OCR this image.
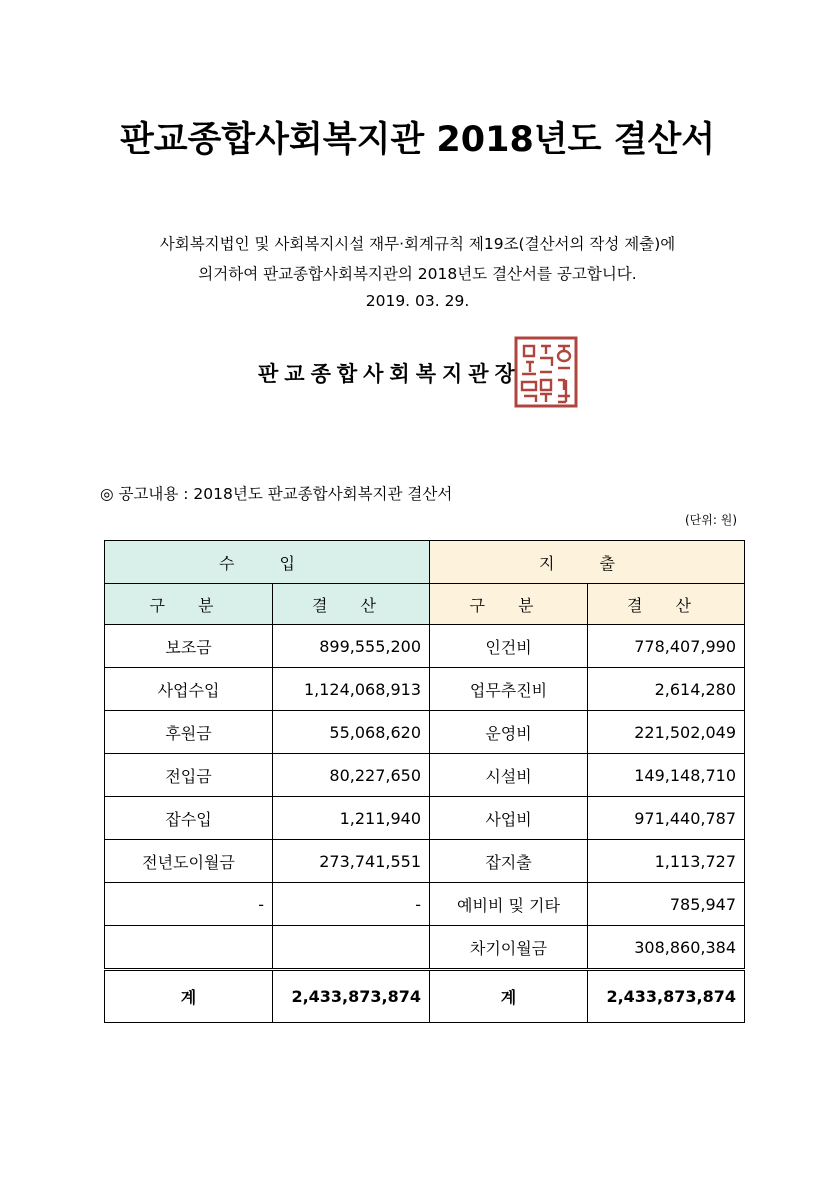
판교종합사회복지관 2018년도 결산서
사회복지법인 및 사회복지시설 재무·회계규칙 제19조(결산서의 작성 제출)에
의거하여 판교종합사회복지관의 2018년도 결산서를 공고합니다.
2019. 03. 29.
판교종합사회복지관장
◎ 공고내용 : 2018년도 판교종합사회복지관 결산서
(단위: 원)
수 입		지 출	
구 분	결 산	구 분	결 산
보조금	899,555,200	인건비	778,407,990
사업수입	1,124,068,913	업무추진비	2,614,280
후원금	55,068,620	운영비	221,502,049
전입금	80,227,650	시설비	149,148,710
잡수입	1,211,940	사업비	971,440,787
전년도이월금	273,741,551	잡지출	1,113,727
-	-	예비비 및 기타	785,947
		차기이월금	308,860,384
계	2,433,873,874	계	2,433,873,874
